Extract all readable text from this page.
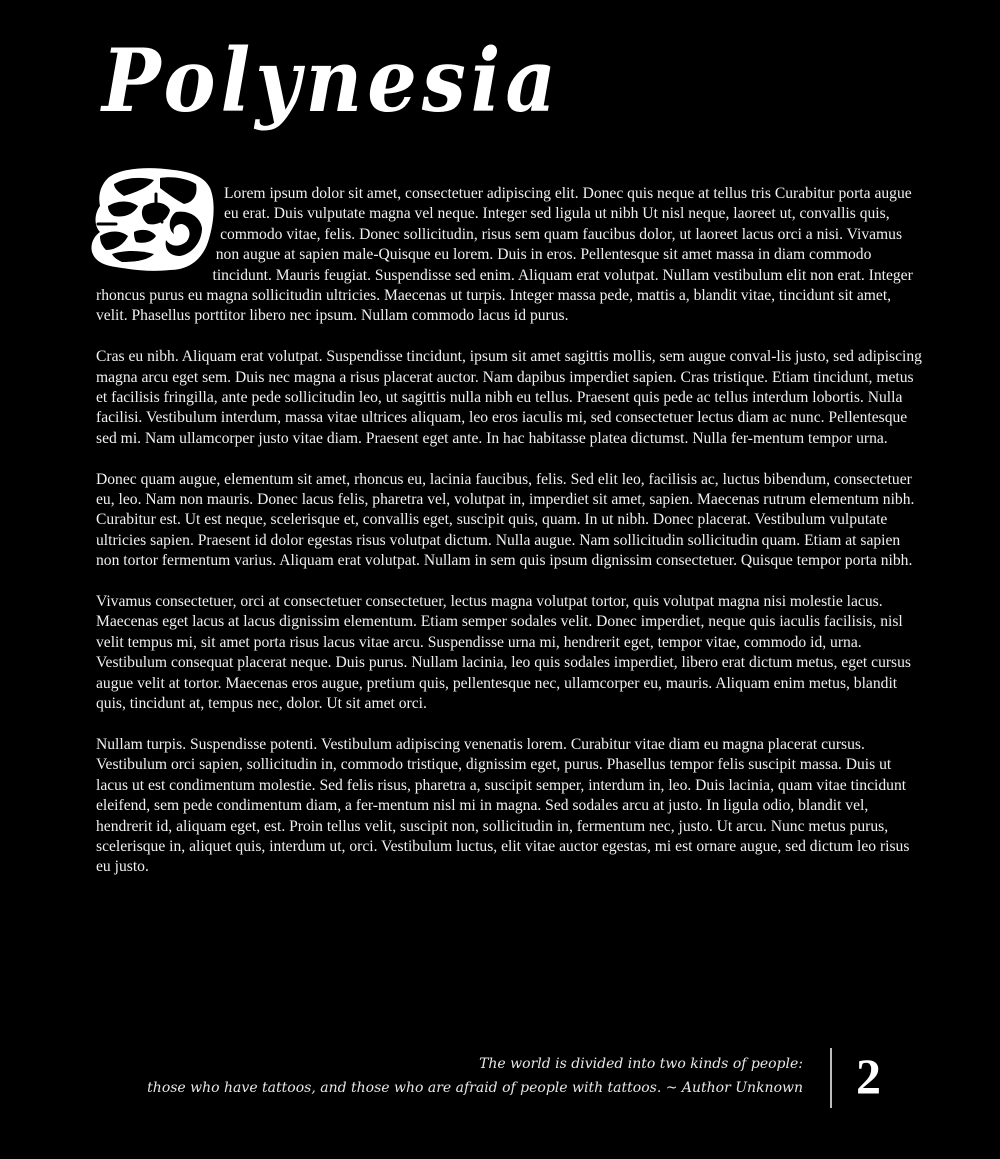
Polynesia

Lorem ipsum dolor sit amet, consectetuer adipiscing elit. Donec quis neque at tellus tris Curabitur porta augue eu erat. Duis vulputate magna vel neque. Integer sed ligula ut nibh Ut nisl neque, laoreet ut, convallis quis, commodo vitae, felis. Donec sollicitudin, risus sem quam faucibus dolor, ut laoreet lacus orci a nisi. Vivamus non augue at sapien male-Quisque eu lorem. Duis in eros. Pellentesque sit amet massa in diam commodo tincidunt. Mauris feugiat. Suspendisse sed enim. Aliquam erat volutpat. Nullam vestibulum elit non erat. Integer rhoncus purus eu magna sollicitudin ultricies. Maecenas ut turpis. Integer massa pede, mattis a, blandit vitae, tincidunt sit amet, velit. Phasellus porttitor libero nec ipsum. Nullam commodo lacus id purus.

Cras eu nibh. Aliquam erat volutpat. Suspendisse tincidunt, ipsum sit amet sagittis mollis, sem augue conval-lis justo, sed adipiscing magna arcu eget sem. Duis nec magna a risus placerat auctor. Nam dapibus imperdiet sapien. Cras tristique. Etiam tincidunt, metus et facilisis fringilla, ante pede sollicitudin leo, ut sagittis nulla nibh eu tellus. Praesent quis pede ac tellus interdum lobortis. Nulla facilisi. Vestibulum interdum, massa vitae ultrices aliquam, leo eros iaculis mi, sed consectetuer lectus diam ac nunc. Pellentesque sed mi. Nam ullamcorper justo vitae diam. Praesent eget ante. In hac habitasse platea dictumst. Nulla fer-mentum tempor urna.

Donec quam augue, elementum sit amet, rhoncus eu, lacinia faucibus, felis. Sed elit leo, facilisis ac, luctus bibendum, consectetuer eu, leo. Nam non mauris. Donec lacus felis, pharetra vel, volutpat in, imperdiet sit amet, sapien. Maecenas rutrum elementum nibh. Curabitur est. Ut est neque, scelerisque et, convallis eget, suscipit quis, quam. In ut nibh. Donec placerat. Vestibulum vulputate ultricies sapien. Praesent id dolor egestas risus volutpat dictum. Nulla augue. Nam sollicitudin sollicitudin quam. Etiam at sapien non tortor fermentum varius. Aliquam erat volutpat. Nullam in sem quis ipsum dignissim consectetuer. Quisque tempor porta nibh.

Vivamus consectetuer, orci at consectetuer consectetuer, lectus magna volutpat tortor, quis volutpat magna nisi molestie lacus. Maecenas eget lacus at lacus dignissim elementum. Etiam semper sodales velit. Donec imperdiet, neque quis iaculis facilisis, nisl velit tempus mi, sit amet porta risus lacus vitae arcu. Suspendisse urna mi, hendrerit eget, tempor vitae, commodo id, urna. Vestibulum consequat placerat neque. Duis purus. Nullam lacinia, leo quis sodales imperdiet, libero erat dictum metus, eget cursus augue velit at tortor. Maecenas eros augue, pretium quis, pellentesque nec, ullamcorper eu, mauris. Aliquam enim metus, blandit quis, tincidunt at, tempus nec, dolor. Ut sit amet orci.

Nullam turpis. Suspendisse potenti. Vestibulum adipiscing venenatis lorem. Curabitur vitae diam eu magna placerat cursus. Vestibulum orci sapien, sollicitudin in, commodo tristique, dignissim eget, purus. Phasellus tempor felis suscipit massa. Duis ut lacus ut est condimentum molestie. Sed felis risus, pharetra a, suscipit semper, interdum in, leo. Duis lacinia, quam vitae tincidunt eleifend, sem pede condimentum diam, a fer-mentum nisl mi in magna. Sed sodales arcu at justo. In ligula odio, blandit vel, hendrerit id, aliquam eget, est. Proin tellus velit, suscipit non, sollicitudin in, fermentum nec, justo. Ut arcu. Nunc metus purus, scelerisque in, aliquet quis, interdum ut, orci. Vestibulum luctus, elit vitae auctor egestas, mi est ornare augue, sed dictum leo risus eu justo.

The world is divided into two kinds of people:
those who have tattoos, and those who are afraid of people with tattoos. ~ Author Unknown 2
